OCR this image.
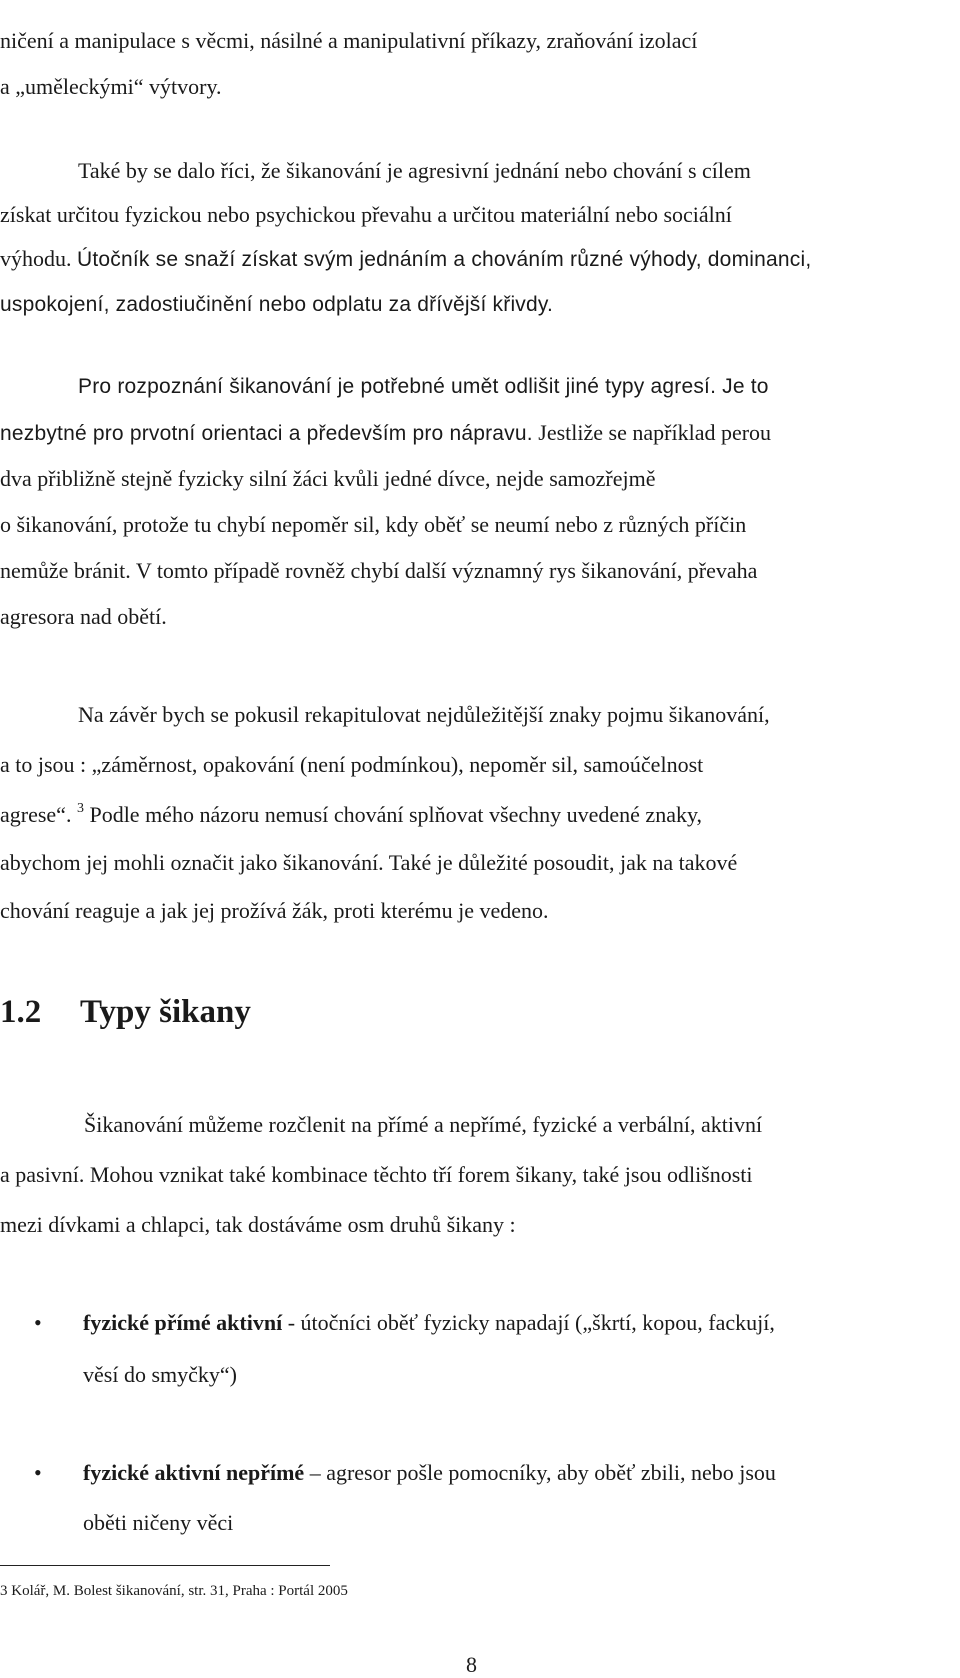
ničení a manipulace s věcmi, násilné a manipulativní příkazy, zraňování izolací
a „uměleckými“ výtvory.
Také by se dalo říci, že šikanování je agresivní jednání nebo chování s cílem
získat určitou fyzickou nebo psychickou převahu a určitou materiální nebo sociální
výhodu. Útočník se snaží získat svým jednáním a chováním různé výhody, dominanci,
uspokojení, zadostiučinění nebo odplatu za dřívější křivdy.
Pro rozpoznání šikanování je potřebné umět odlišit jiné typy agresí. Je to
nezbytné pro prvotní orientaci a především pro nápravu. Jestliže se například perou
dva přibližně stejně fyzicky silní žáci kvůli jedné dívce, nejde samozřejmě
o šikanování, protože tu chybí nepoměr sil, kdy oběť se neumí nebo z různých příčin
nemůže bránit. V tomto případě rovněž chybí další významný rys šikanování, převaha
agresora nad obětí.
Na závěr bych se pokusil rekapitulovat nejdůležitější znaky pojmu šikanování,
a to jsou : „záměrnost, opakování (není podmínkou), nepoměr sil, samoúčelnost
agrese“. $^3$ Podle mého názoru nemusí chování splňovat všechny uvedené znaky,
abychom jej mohli označit jako šikanování. Také je důležité posoudit, jak na takové
chování reaguje a jak jej prožívá žák, proti kterému je vedeno.
1.2 Typy šikany
Šikanování můžeme rozčlenit na přímé a nepřímé, fyzické a verbální, aktivní
a pasivní. Mohou vznikat také kombinace těchto tří forem šikany, také jsou odlišnosti
mezi dívkami a chlapci, tak dostáváme osm druhů šikany :
• fyzické přímé aktivní - útočníci oběť fyzicky napadají („škrtí, kopou, fackují,
věsí do smyčky“)
• fyzické aktivní nepřímé – agresor pošle pomocníky, aby oběť zbili, nebo jsou
oběti ničeny věci
3 Kolář, M. Bolest šikanování, str. 31, Praha : Portál 2005
8
